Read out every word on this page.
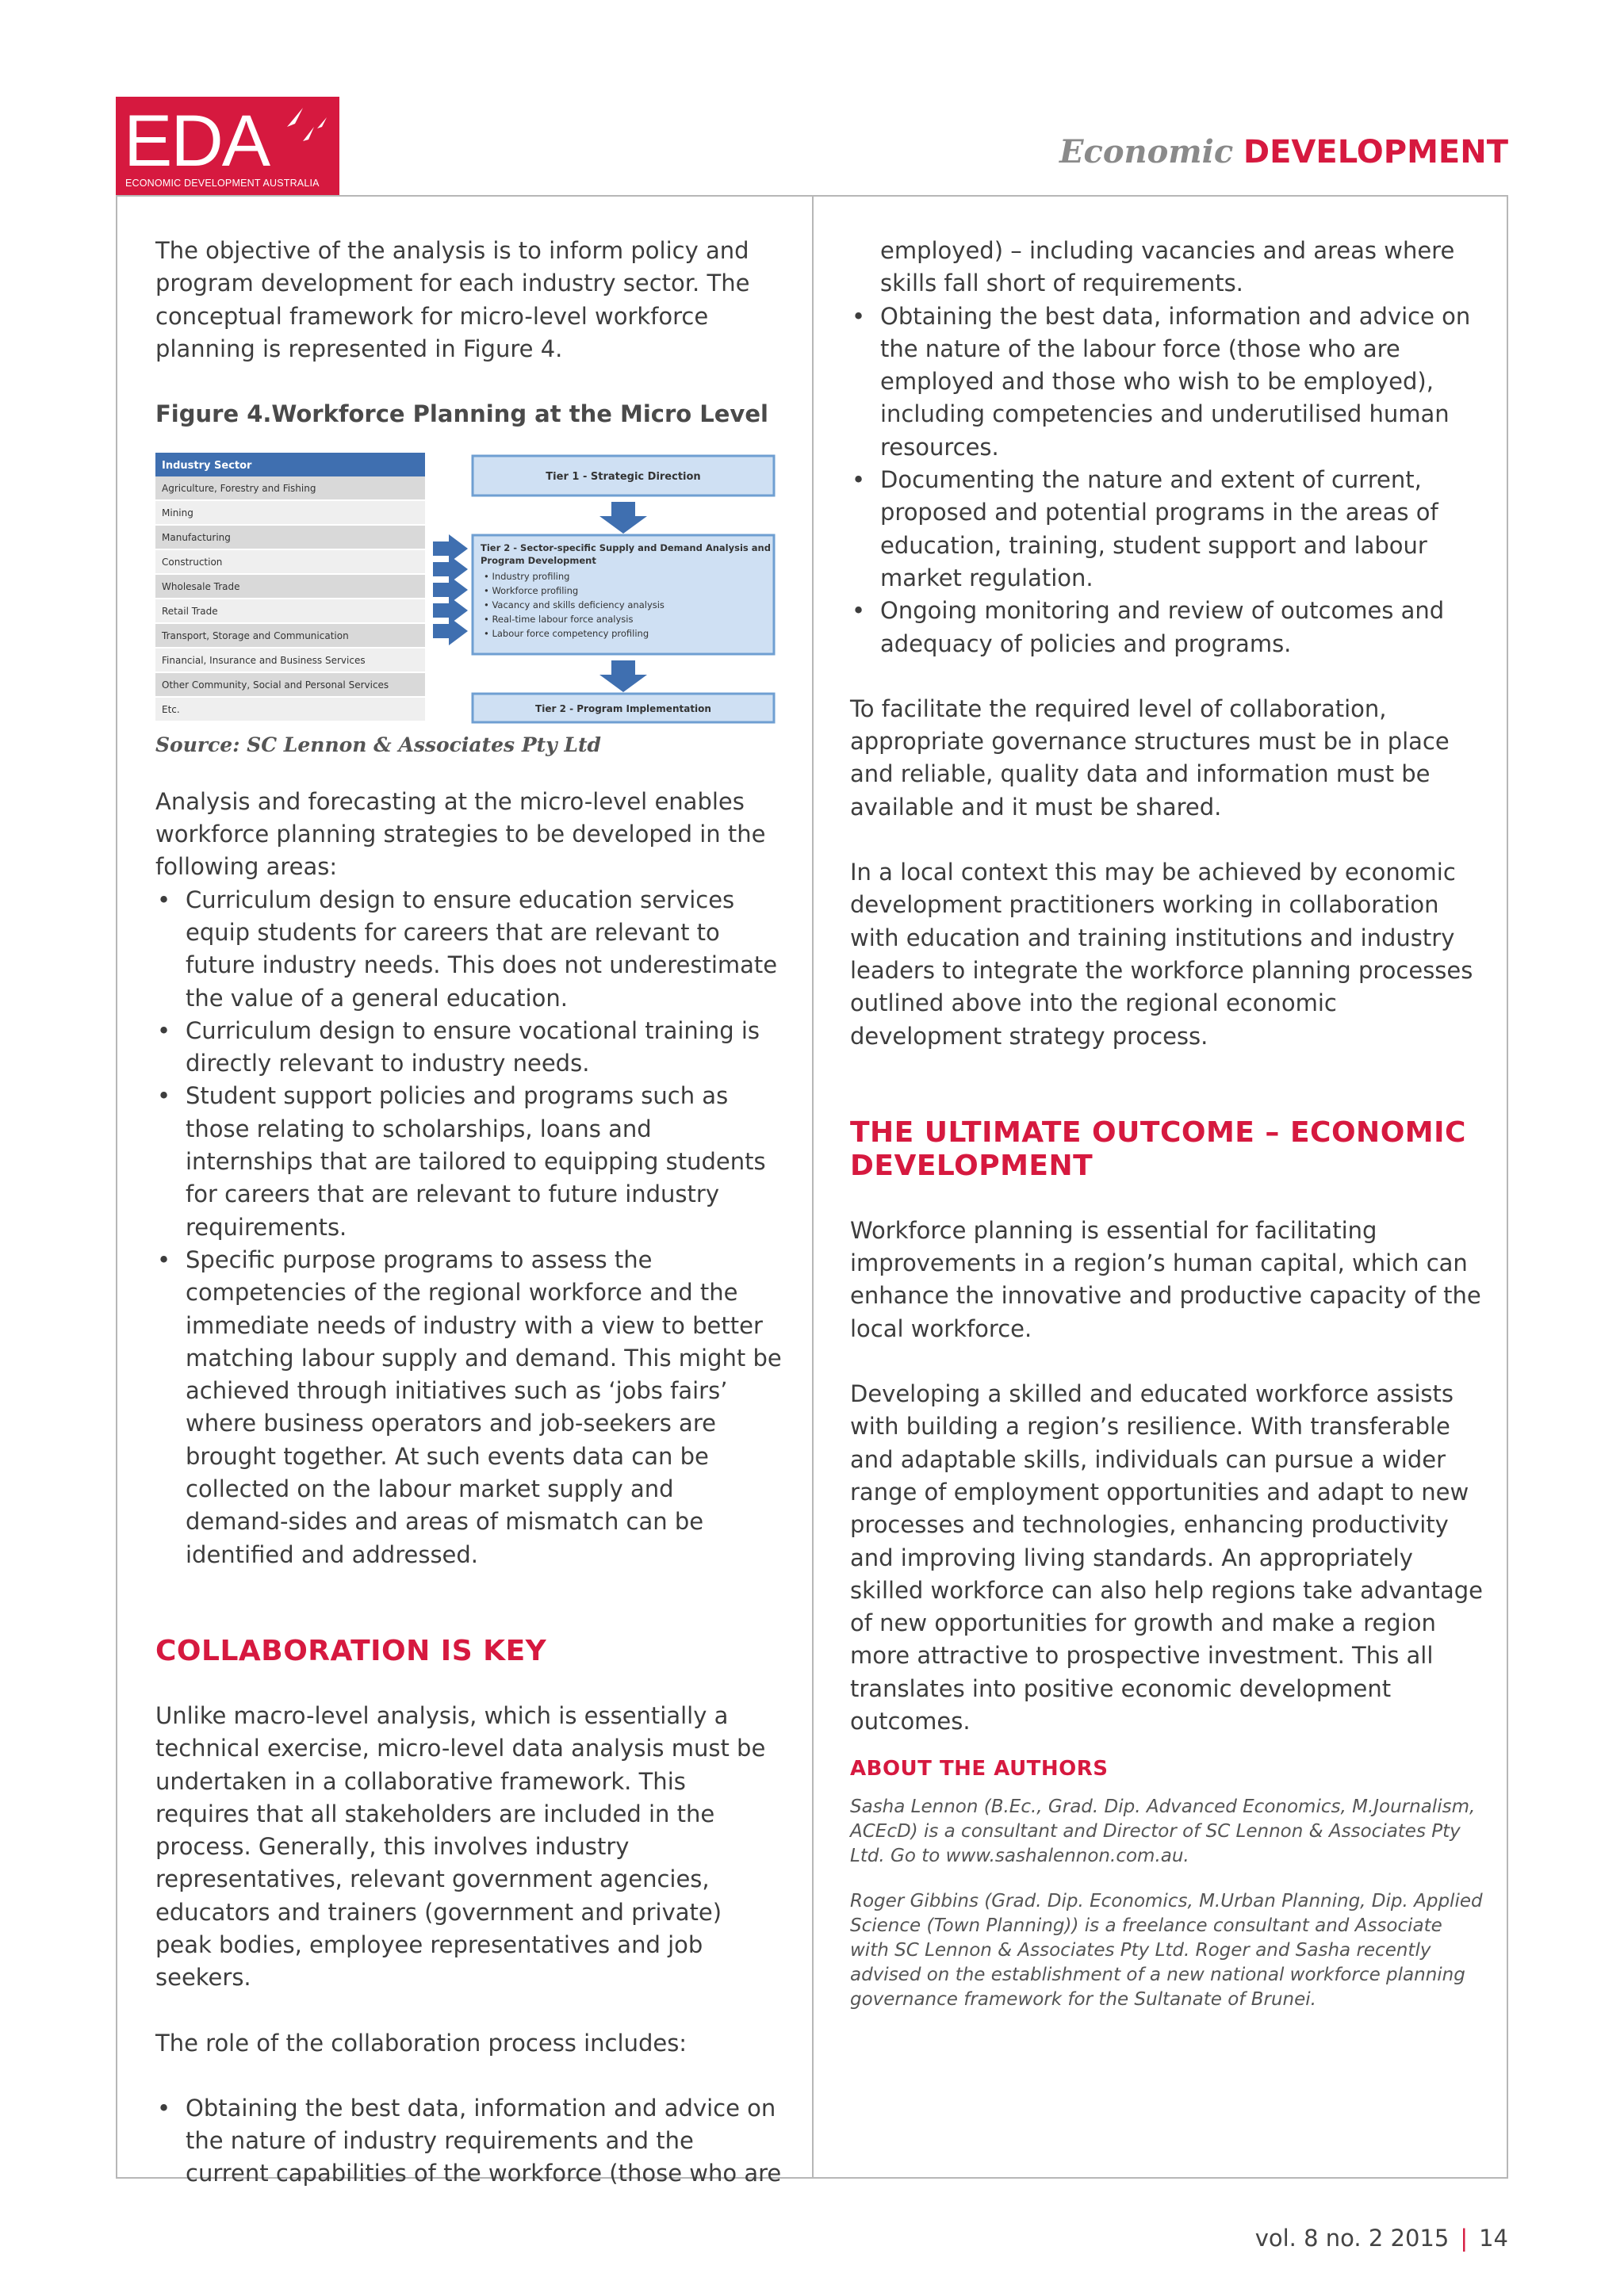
EDA
ECONOMIC DEVELOPMENT AUSTRALIA
Economic DEVELOPMENT

The objective of the analysis is to inform policy and program development for each industry sector. The conceptual framework for micro-level workforce planning is represented in Figure 4.

Figure 4.Workforce Planning at the Micro Level

Industry Sector
Agriculture, Forestry and Fishing
Mining
Manufacturing
Construction
Wholesale Trade
Retail Trade
Transport, Storage and Communication
Financial, Insurance and Business Services
Other Community, Social and Personal Services
Etc.
Tier 1 - Strategic Direction
Tier 2 - Sector-specific Supply and Demand Analysis and
Program Development
• Industry profiling
• Workforce profiling
• Vacancy and skills deficiency analysis
• Real-time labour force analysis
• Labour force competency profiling
Tier 2 - Program Implementation

Source: SC Lennon & Associates Pty Ltd

Analysis and forecasting at the micro-level enables workforce planning strategies to be developed in the following areas:

• Curriculum design to ensure education services equip students for careers that are relevant to future industry needs. This does not underestimate the value of a general education.
• Curriculum design to ensure vocational training is directly relevant to industry needs.
• Student support policies and programs such as those relating to scholarships, loans and internships that are tailored to equipping students for careers that are relevant to future industry requirements.
• Specific purpose programs to assess the competencies of the regional workforce and the immediate needs of industry with a view to better matching labour supply and demand. This might be achieved through initiatives such as ‘jobs fairs’ where business operators and job-seekers are brought together. At such events data can be collected on the labour market supply and demand-sides and areas of mismatch can be identified and addressed.
COLLABORATION IS KEY

Unlike macro-level analysis, which is essentially a technical exercise, micro-level data analysis must be undertaken in a collaborative framework. This requires that all stakeholders are included in the process. Generally, this involves industry representatives, relevant government agencies, educators and trainers (government and private) peak bodies, employee representatives and job seekers.

The role of the collaboration process includes:

• Obtaining the best data, information and advice on the nature of industry requirements and the current capabilities of the workforce (those who are

employed) – including vacancies and areas where skills fall short of requirements.

• Obtaining the best data, information and advice on the nature of the labour force (those who are employed and those who wish to be employed), including competencies and underutilised human resources.
• Documenting the nature and extent of current, proposed and potential programs in the areas of education, training, student support and labour market regulation.
• Ongoing monitoring and review of outcomes and adequacy of policies and programs.

To facilitate the required level of collaboration, appropriate governance structures must be in place and reliable, quality data and information must be available and it must be shared.

In a local context this may be achieved by economic development practitioners working in collaboration with education and training institutions and industry leaders to integrate the workforce planning processes outlined above into the regional economic development strategy process.

THE ULTIMATE OUTCOME – ECONOMIC DEVELOPMENT

Workforce planning is essential for facilitating improvements in a region’s human capital, which can enhance the innovative and productive capacity of the local workforce.

Developing a skilled and educated workforce assists with building a region’s resilience. With transferable and adaptable skills, individuals can pursue a wider range of employment opportunities and adapt to new processes and technologies, enhancing productivity and improving living standards. An appropriately skilled workforce can also help regions take advantage of new opportunities for growth and make a region more attractive to prospective investment. This all translates into positive economic development outcomes.

ABOUT THE AUTHORS

Sasha Lennon (B.Ec., Grad. Dip. Advanced Economics, M.Journalism, ACEcD) is a consultant and Director of SC Lennon & Associates Pty Ltd. Go to www.sashalennon.com.au.

Roger Gibbins (Grad. Dip. Economics, M.Urban Planning, Dip. Applied Science (Town Planning)) is a freelance consultant and Associate with SC Lennon & Associates Pty Ltd. Roger and Sasha recently advised on the establishment of a new national workforce planning governance framework for the Sultanate of Brunei.

vol. 8 no. 2 2015 | 14
